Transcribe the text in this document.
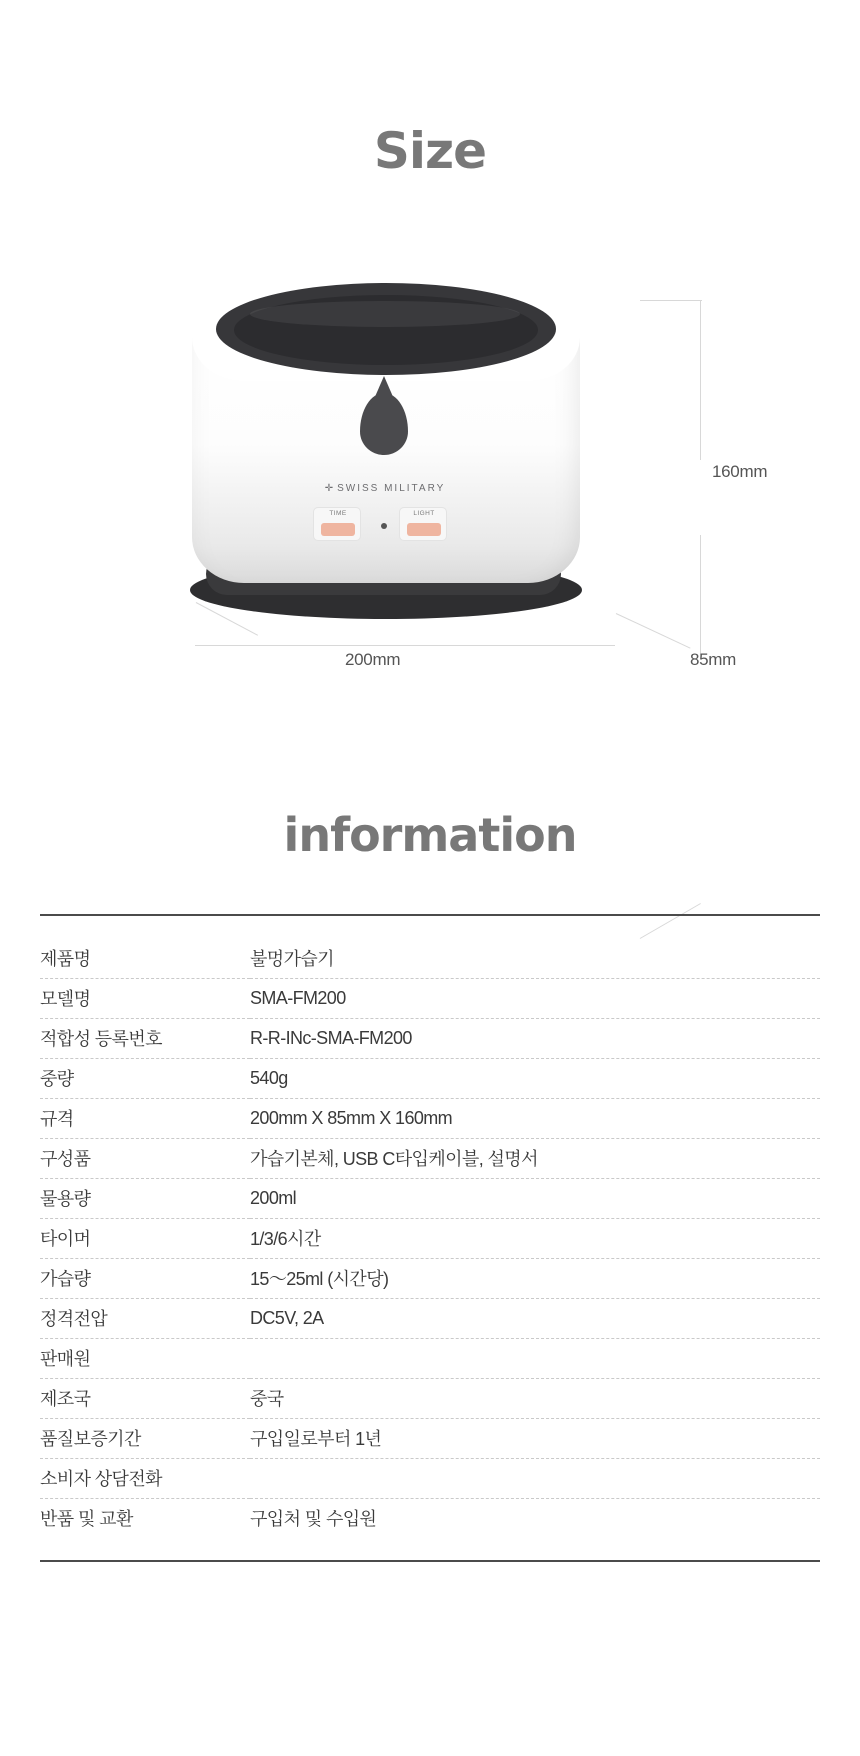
Size
160mm
200mm	85mm
✛ SWISS MILITARY
TIME	LIGHT
information
제품명	불멍가습기
모델명	SMA-FM200
적합성 등록번호	R-R-INc-SMA-FM200
중량	540g
규격	200mm X 85mm X 160mm
구성품	가습기본체, USB C타입케이블, 설명서
물용량	200ml
타이머	1/3/6시간
가습량	15〜25ml (시간당)
정격전압	DC5V, 2A
판매원	
제조국	중국
품질보증기간	구입일로부터 1년
소비자 상담전화	
반품 및 교환	구입처 및 수입원
